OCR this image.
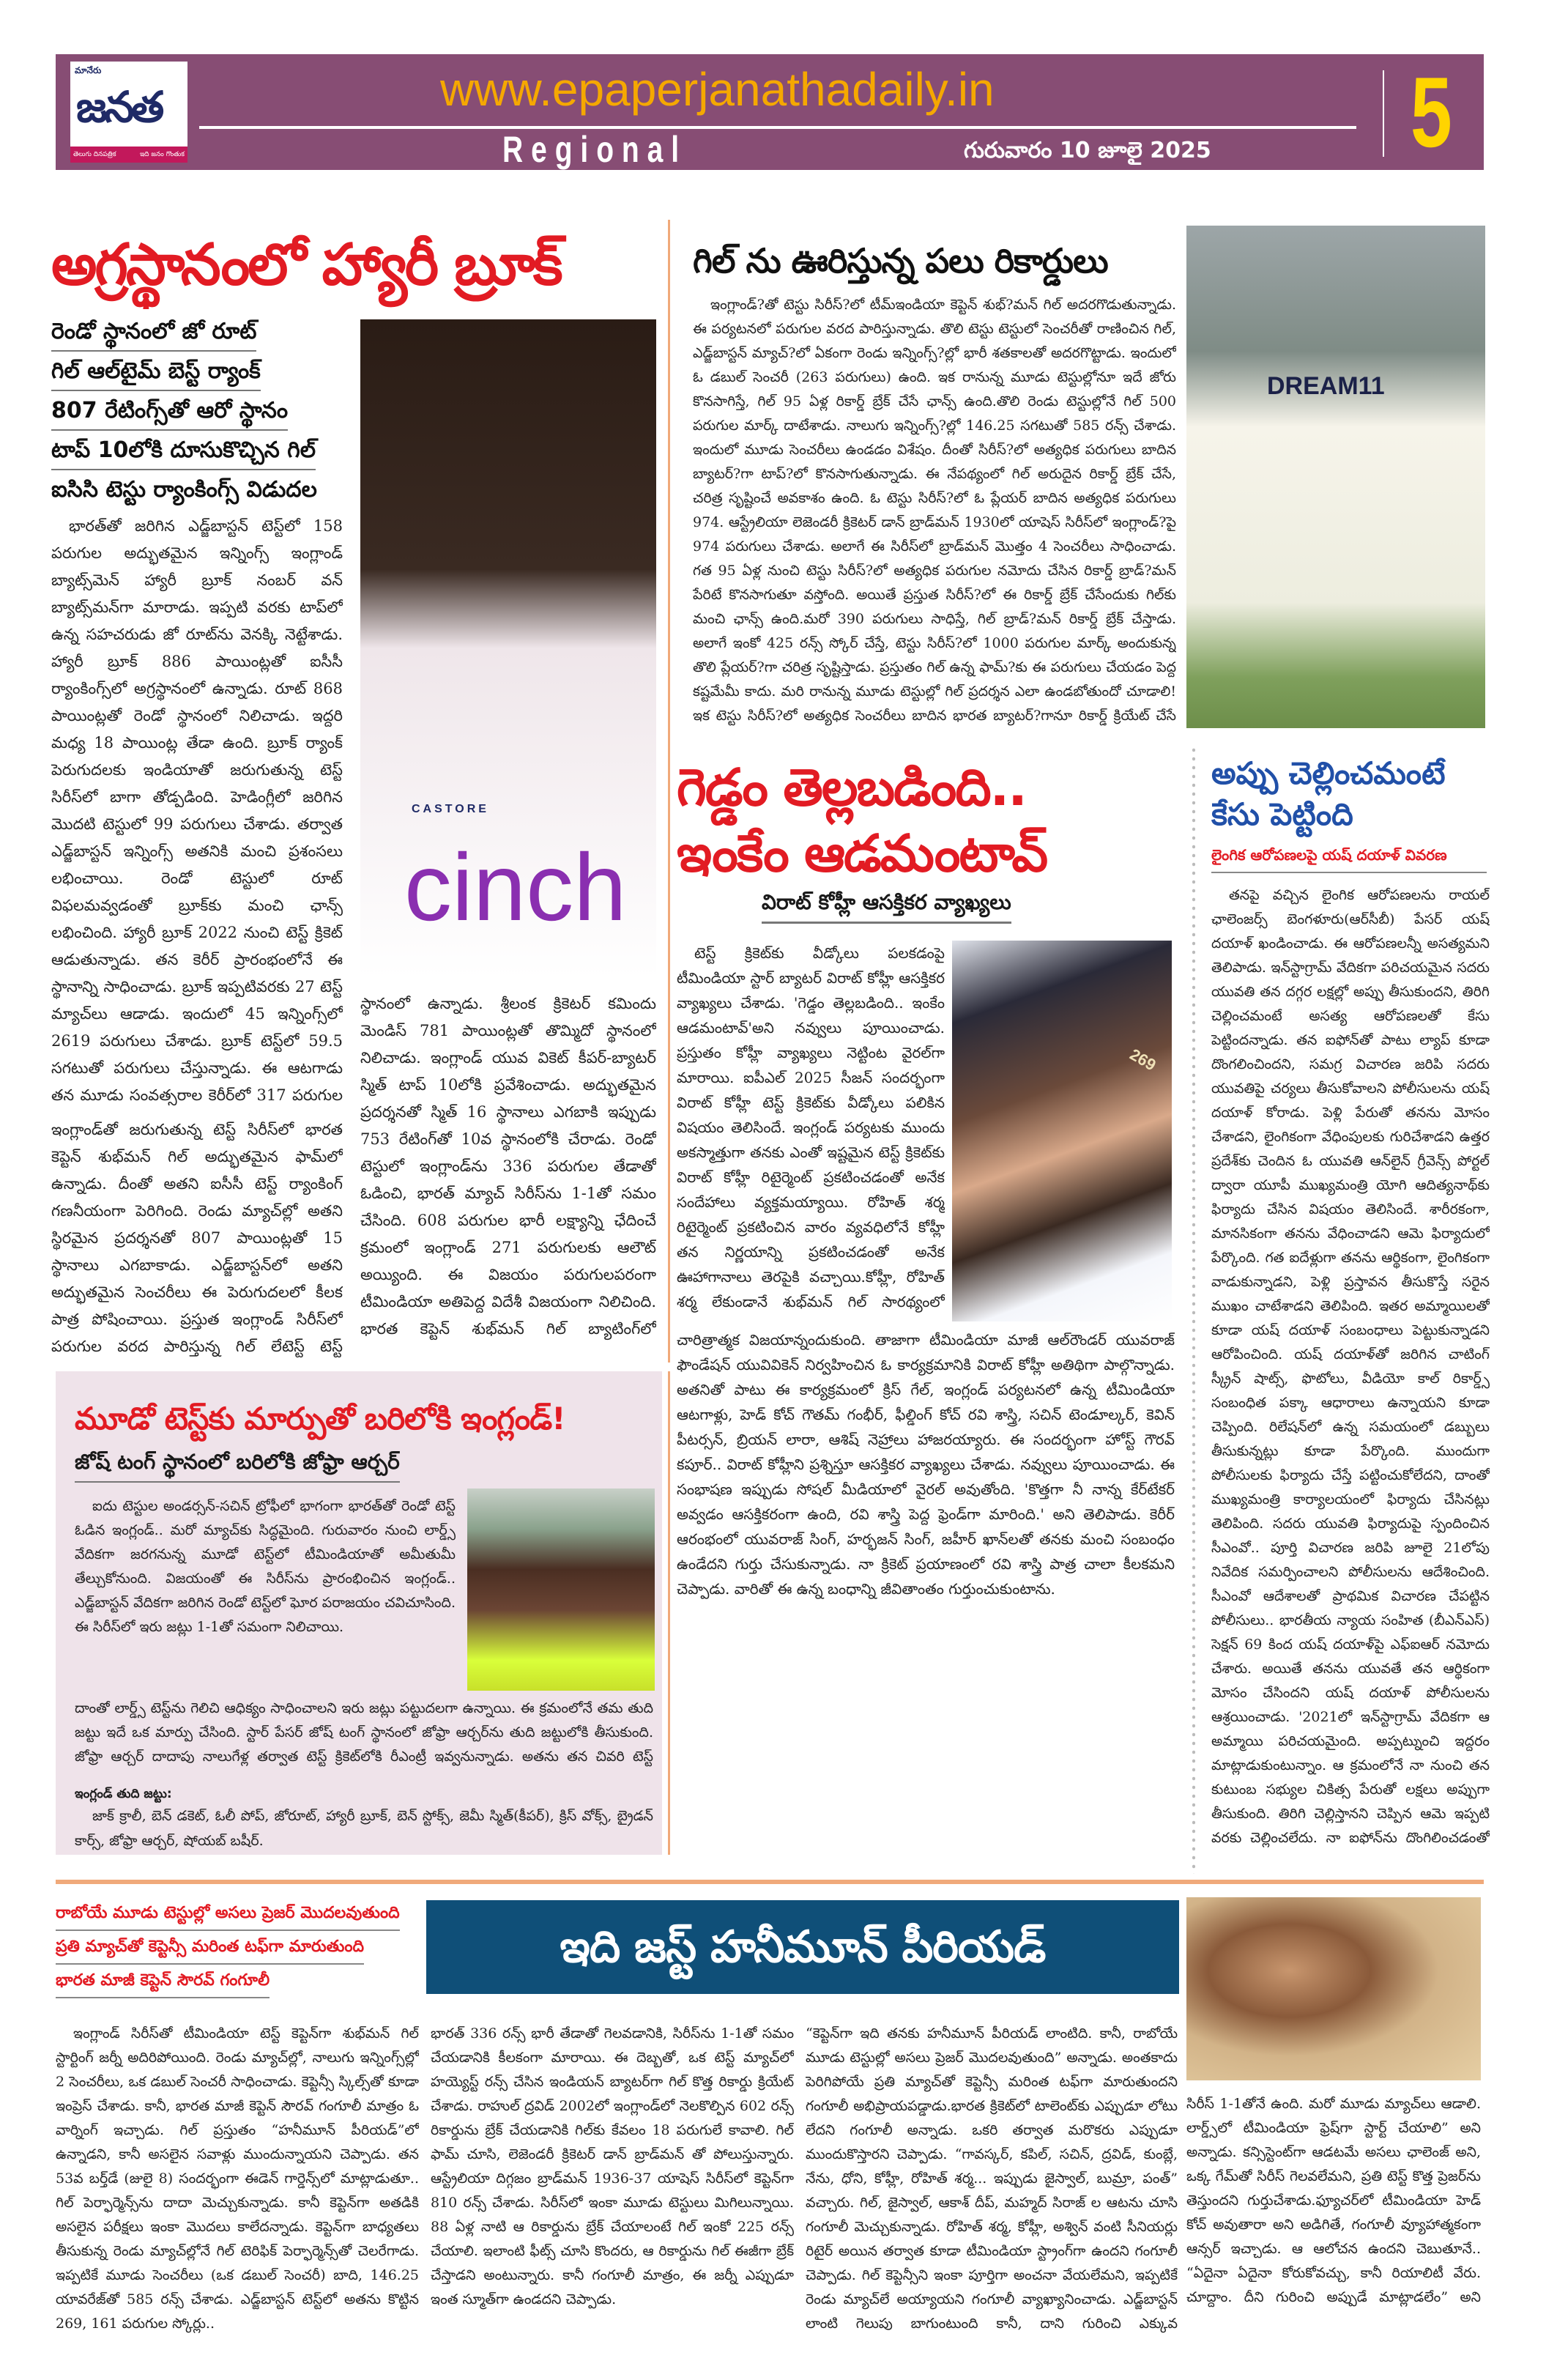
మానేరు
జనత
తెలుగు దినపత్రిక	ఇది జనం గొంతుక
www.epaperjanathadaily.in
Regional	గురువారం 10 జూలై 2025 5
అగ్రస్థానంలో హ్యారీ బ్రూక్
రెండో స్థానంలో జో రూట్
గిల్ ఆల్‌టైమ్ బెస్ట్ ర్యాంక్
807 రేటింగ్స్‌తో ఆరో స్థానం
టాప్ 10లోకి దూసుకొచ్చిన గిల్
ఐసిసి టెస్టు ర్యాంకింగ్స్ విడుదల

భారత్‌తో జరిగిన ఎడ్జ్‌బాస్టన్ టెస్ట్‌లో 158 పరుగుల అద్భుతమైన ఇన్నింగ్స్ ఇంగ్లాండ్ బ్యాట్స్‌మెన్ హ్యారీ బ్రూక్ నంబర్ వన్ బ్యాట్స్‌మన్‌గా మారాడు. ఇప్పటి వరకు టాప్‌లో ఉన్న సహచరుడు జో రూట్‌ను వెనక్కి నెట్టేశాడు. హ్యారీ బ్రూక్ 886 పాయింట్లతో ఐసీసీ ర్యాంకింగ్స్‌లో అగ్రస్థానంలో ఉన్నాడు. రూట్ 868 పాయింట్లతో రెండో స్థానంలో నిలిచాడు. ఇద్దరి మధ్య 18 పాయింట్ల తేడా ఉంది. బ్రూక్ ర్యాంక్ పెరుగుదలకు ఇండియాతో జరుగుతున్న టెస్ట్ సిరీస్‌లో బాగా తోడ్పడింది. హెడింగ్లీలో జరిగిన మొదటి టెస్టులో 99 పరుగులు చేశాడు. తర్వాత ఎడ్జ్‌బాస్టన్ ఇన్నింగ్స్ అతనికి మంచి ప్రశంసలు లభించాయి. రెండో టెస్టులో రూట్ విఫలమవ్వడంతో బ్రూక్‌కు మంచి ఛాన్స్ లభించింది. హ్యారీ బ్రూక్ 2022 నుంచి టెస్ట్ క్రికెట్ ఆడుతున్నాడు. తన కెరీర్ ప్రారంభంలోనే ఈ స్థానాన్ని సాధించాడు. బ్రూక్ ఇప్పటివరకు 27 టెస్ట్ మ్యాచ్‌లు ఆడాడు. ఇందులో 45 ఇన్నింగ్స్‌లో 2619 పరుగులు చేశాడు. బ్రూక్ టెస్ట్‌లో 59.5 సగటుతో పరుగులు చేస్తున్నాడు. ఈ ఆటగాడు తన మూడు సంవత్సరాల కెరీర్‌లో 317 పరుగుల

CASTORE
cinch

స్థానంలో ఉన్నాడు. శ్రీలంక క్రికెటర్ కమిందు మెండిస్ 781 పాయింట్లతో తొమ్మిదో స్థానంలో నిలిచాడు. ఇంగ్లాండ్ యువ వికెట్ కీపర్-బ్యాటర్ స్మిత్ టాప్ 10లోకి ప్రవేశించాడు. అద్భుతమైన ప్రదర్శనతో స్మిత్ 16 స్థానాలు ఎగబాకి ఇప్పుడు 753 రేటింగ్‌తో 10వ స్థానంలోకి చేరాడు. రెండో టెస్టులో ఇంగ్లాండ్‌ను 336 పరుగుల తేడాతో ఓడించి, భారత్ మ్యాచ్ సిరీస్‌ను 1-1తో సమం చేసింది. 608 పరుగుల భారీ లక్ష్యాన్ని ఛేదించే క్రమంలో ఇంగ్లాండ్ 271 పరుగులకు ఆలౌట్ అయ్యింది. ఈ విజయం పరుగులపరంగా టీమిండియా అతిపెద్ద విదేశీ విజయంగా నిలిచింది. భారత కెప్టెన్ శుభ్‌మన్ గిల్ బ్యాటింగ్‌లో

ఇంగ్లాండ్‌తో జరుగుతున్న టెస్ట్ సిరీస్‌లో భారత కెప్టెన్ శుభ్‌మన్ గిల్ అద్భుతమైన ఫామ్‌లో ఉన్నాడు. దీంతో అతని ఐసీసీ టెస్ట్ ర్యాంకింగ్ గణనీయంగా పెరిగింది. రెండు మ్యాచ్‌ల్లో అతని స్థిరమైన ప్రదర్శనతో 807 పాయింట్లతో 15 స్థానాలు ఎగబాకాడు. ఎడ్జ్‌బాస్టన్‌లో అతని అద్భుతమైన సెంచరీలు ఈ పెరుగుదలలో కీలక పాత్ర పోషించాయి. ప్రస్తుత ఇంగ్లాండ్ సిరీస్‌లో పరుగుల వరద పారిస్తున్న గిల్ లేటెస్ట్ టెస్ట్

గిల్ ను ఊరిస్తున్న పలు రికార్డులు

ఇంగ్లాండ్?తో టెస్టు సిరీస్?లో టీమ్ఇండియా కెప్టెన్ శుభ్?మన్ గిల్ అదరగొడుతున్నాడు. ఈ పర్యటనలో పరుగుల వరద పారిస్తున్నాడు. తొలి టెస్టు టెస్టులో సెంచరీతో రాణించిన గిల్, ఎడ్జ్‌బాస్టన్ మ్యాచ్?లో ఏకంగా రెండు ఇన్నింగ్స్?ల్లో భారీ శతకాలతో అదరగొట్టాడు. ఇందులో ఓ డబుల్ సెంచరీ (263 పరుగులు) ఉంది. ఇక రానున్న మూడు టెస్టుల్లోనూ ఇదే జోరు కొనసాగిస్తే, గిల్ 95 ఏళ్ల రికార్డ్ బ్రేక్ చేసే ఛాన్స్ ఉంది.తొలి రెండు టెస్టుల్లోనే గిల్ 500 పరుగుల మార్క్ దాటేశాడు. నాలుగు ఇన్నింగ్స్?ల్లో 146.25 సగటుతో 585 రన్స్ చేశాడు. ఇందులో మూడు సెంచరీలు ఉండడం విశేషం. దీంతో సిరీస్?లో అత్యధిక పరుగులు బాదిన బ్యాటర్?గా టాప్?లో కొనసాగుతున్నాడు. ఈ నేపథ్యంలో గిల్ అరుదైన రికార్డ్ బ్రేక్ చేసే, చరిత్ర సృష్టించే అవకాశం ఉంది. ఓ టెస్టు సిరీస్?లో ఓ ప్లేయర్ బాదిన అత్యధిక పరుగులు 974. ఆస్ట్రేలియా లెజెండరీ క్రికెటర్ డాన్ బ్రాడ్‌మన్ 1930లో యాషెస్ సిరీస్‌లో ఇంగ్లాండ్?పై 974 పరుగులు చేశాడు. అలాగే ఈ సిరీస్‌లో బ్రాడ్‌మన్ మొత్తం 4 సెంచరీలు సాధించాడు. గత 95 ఏళ్ల నుంచి టెస్టు సిరీస్?లో అత్యధిక పరుగుల నమోదు చేసిన రికార్డ్ బ్రాడ్?మన్ పేరిటే కొనసాగుతూ వస్తోంది. అయితే ప్రస్తుత సిరీస్?లో ఈ రికార్డ్ బ్రేక్ చేసేందుకు గిల్‌కు మంచి ఛాన్స్ ఉంది.మరో 390 పరుగులు సాధిస్తే, గిల్ బ్రాడ్?మన్ రికార్డ్ బ్రేక్ చేస్తాడు. అలాగే ఇంకో 425 రన్స్ స్కోర్ చేస్తే, టెస్టు సిరీస్?లో 1000 పరుగుల మార్క్ అందుకున్న తొలి ప్లేయర్?గా చరిత్ర సృష్టిస్తాడు. ప్రస్తుతం గిల్ ఉన్న ఫామ్?కు ఈ పరుగులు చేయడం పెద్ద కష్టమేమీ కాదు. మరి రానున్న మూడు టెస్టుల్లో గిల్ ప్రదర్శన ఎలా ఉండబోతుందో చూడాలి! ఇక టెస్టు సిరీస్?లో అత్యధిక సెంచరీలు బాదిన భారత బ్యాటర్?గానూ రికార్డ్ క్రియేట్ చేసే

DREAM11
గెడ్డం తెల్లబడింది..
ఇంకేం ఆడమంటావ్
విరాట్ కోహ్లీ ఆసక్తికర వ్యాఖ్యలు

టెస్ట్ క్రికెట్‌కు వీడ్కోలు పలకడంపై టీమిండియా స్టార్ బ్యాటర్ విరాట్ కోహ్లీ ఆసక్తికర వ్యాఖ్యలు చేశాడు. 'గెడ్డం తెల్లబడింది.. ఇంకేం ఆడమంటావ్'అని నవ్వులు పూయించాడు. ప్రస్తుతం కోహ్లీ వ్యాఖ్యలు నెట్టింట వైరల్‌గా మారాయి. ఐపీఎల్ 2025 సీజన్ సందర్భంగా విరాట్ కోహ్లీ టెస్ట్ క్రికెట్‌కు వీడ్కోలు పలికిన విషయం తెలిసిందే. ఇంగ్లండ్ పర్యటకు ముందు అకస్మాత్తుగా తనకు ఎంతో ఇష్టమైన టెస్ట్ క్రికెట్‌కు విరాట్ కోహ్లీ రిటైర్మెంట్ ప్రకటించడంతో అనేక సందేహాలు వ్యక్తమయ్యాయి. రోహిత్ శర్మ రిటైర్మెంట్ ప్రకటించిన వారం వ్యవధిలోనే కోహ్లీ తన నిర్ణయాన్ని ప్రకటించడంతో అనేక ఊహాగానాలు తెరపైకి వచ్చాయి.కోహ్లీ, రోహిత్ శర్మ లేకుండానే శుభ్‌మన్ గిల్ సారథ్యంలో

269

చారిత్రాత్మక విజయాన్నందుకుంది. తాజాగా టీమిండియా మాజీ ఆల్‌రౌండర్ యువరాజ్ ఫౌండేషన్ యువివికెన్ నిర్వహించిన ఓ కార్యక్రమానికి విరాట్ కోహ్లీ అతిథిగా పాల్గొన్నాడు. అతనితో పాటు ఈ కార్యక్రమంలో క్రిస్ గేల్, ఇంగ్లండ్ పర్యటనలో ఉన్న టీమిండియా ఆటగాళ్లు, హెడ్ కోచ్ గౌతమ్ గంభీర్, ఫీల్డింగ్ కోచ్ రవి శాస్త్రి, సచిన్ టెండూల్కర్, కెవిన్ పీటర్సన్, బ్రియన్ లారా, ఆశిష్ నెహ్రాలు హాజరయ్యారు. ఈ సందర్భంగా హోస్ట్ గౌరవ్ కపూర్.. విరాట్ కోహ్లీని ప్రశ్నిస్తూ ఆసక్తికర వ్యాఖ్యలు చేశాడు. నవ్వులు పూయించాడు. ఈ సంభాషణ ఇప్పుడు సోషల్ మీడియాలో వైరల్ అవుతోంది. 'కొత్తగా నీ నాన్న కేర్‌టేకర్ అవ్వడం ఆసక్తికరంగా ఉంది, రవి శాస్త్రి పెద్ద ఫ్రెండ్‌గా మారింది.' అని తెలిపాడు. కెరీర్ ఆరంభంలో యువరాజ్ సింగ్, హర్భజన్ సింగ్, జహీర్ ఖాన్‌లతో తనకు మంచి సంబంధం ఉండేదని గుర్తు చేసుకున్నాడు. నా క్రికెట్ ప్రయాణంలో రవి శాస్త్రి పాత్ర చాలా కీలకమని చెప్పాడు. వారితో ఈ ఉన్న బంధాన్ని జీవితాంతం గుర్తుంచుకుంటాను.

అప్పు చెల్లించమంటే కేసు పెట్టింది
లైంగిక ఆరోపణలపై యష్ దయాళ్ వివరణ

తనపై వచ్చిన లైంగిక ఆరోపణలను రాయల్ ఛాలెంజర్స్ బెంగళూరు(ఆర్‌సీబీ) పేసర్ యష్ దయాళ్ ఖండించాడు. ఈ ఆరోపణలన్నీ అసత్యమని తెలిపాడు. ఇన్‌స్టాగ్రామ్ వేదికగా పరిచయమైన సదరు యువతి తన దగ్గర లక్షల్లో అప్పు తీసుకుందని, తిరిగి చెల్లించమంటే అసత్య ఆరోపణలతో కేసు పెట్టిందన్నాడు. తన ఐఫోన్‌తో పాటు ల్యాప్ కూడా దొంగలించిందని, సమగ్ర విచారణ జరిపి సదరు యువతిపై చర్యలు తీసుకోవాలని పోలీసులను యష్ దయాళ్ కోరాడు. పెళ్లి పేరుతో తనను మోసం చేశాడని, లైంగికంగా వేధింపులకు గురిచేశాడని ఉత్తర ప్రదేశ్‌కు చెందిన ఓ యువతి ఆన్‌లైన్ గ్రీవెన్స్ పోర్టల్ ద్వారా యూపీ ముఖ్యమంత్రి యోగి ఆదిత్యనాథ్‌కు ఫిర్యాదు చేసిన విషయం తెలిసిందే. శారీరకంగా, మానసికంగా తనను వేధించాడని ఆమె ఫిర్యాదులో పేర్కొంది. గత ఐదేళ్లుగా తనను ఆర్థికంగా, లైంగికంగా వాడుకున్నాడని, పెళ్లి ప్రస్తావన తీసుకొస్తే సరైన ముఖం చాటేశాడని తెలిపింది. ఇతర అమ్మాయిలతో కూడా యష్ దయాళ్ సంబంధాలు పెట్టుకున్నాడని ఆరోపించింది. యష్ దయాళ్‌తో జరిగిన చాటింగ్ స్క్రీన్ షాట్స్, ఫొటోలు, వీడియో కాల్ రికార్డ్స్ సంబంధిత పక్కా ఆధారాలు ఉన్నాయని కూడా చెప్పింది. రిలేషన్‌లో ఉన్న సమయంలో డబ్బులు తీసుకున్నట్లు కూడా పేర్కొంది. ముందుగా పోలీసులకు ఫిర్యాదు చేస్తే పట్టించుకోలేదని, దాంతో ముఖ్యమంత్రి కార్యాలయంలో ఫిర్యాదు చేసినట్లు తెలిపింది. సదరు యువతి ఫిర్యాదుపై స్పందించిన సీఎంవో.. పూర్తి విచారణ జరిపి జూలై 21లోపు నివేదిక సమర్పించాలని పోలీసులను ఆదేశించింది. సీఎంవో ఆదేశాలతో ప్రాథమిక విచారణ చేపట్టిన పోలీసులు.. భారతీయ న్యాయ సంహిత (బీఎన్ఎస్) సెక్షన్ 69 కింద యష్ దయాళ్‌పై ఎఫ్ఐఆర్ నమోదు చేశారు. అయితే తనను యువతే తన ఆర్థికంగా మోసం చేసిందని యష్ దయాళ్ పోలీసులను ఆశ్రయించాడు. '2021లో ఇన్‌స్టాగ్రామ్ వేదికగా ఆ అమ్మాయి పరిచయమైంది. అప్పట్నుంచి ఇద్దరం మాట్లాడుకుంటున్నాం. ఆ క్రమంలోనే నా నుంచి తన కుటుంబ సభ్యుల చికిత్స పేరుతో లక్షలు అప్పుగా తీసుకుంది. తిరిగి చెల్లిస్తానని చెప్పిన ఆమె ఇప్పటి వరకు చెల్లించలేదు. నా ఐఫోన్‌ను దొంగిలించడంతో

మూడో టెస్ట్‌కు మార్పుతో బరిలోకి ఇంగ్లండ్!
జోష్ టంగ్ స్థానంలో బరిలోకి జోఫ్రా ఆర్చర్

ఐదు టెస్టుల అండర్సన్-సచిన్ ట్రోఫీలో భాగంగా భారత్‌తో రెండో టెస్ట్ ఓడిన ఇంగ్లండ్.. మరో మ్యాచ్‌కు సిద్ధమైంది. గురువారం నుంచి లార్డ్స్ వేదికగా జరగనున్న మూడో టెస్ట్‌లో టీమిండియాతో అమీతుమీ తేల్చుకోనుంది. విజయంతో ఈ సిరీస్‌ను ప్రారంభించిన ఇంగ్లండ్.. ఎడ్జ్‌బాస్టన్ వేదికగా జరిగిన రెండో టెస్ట్‌లో ఘోర పరాజయం చవిచూసింది. ఈ సిరీస్‌లో ఇరు జట్లు 1-1తో సమంగా నిలిచాయి.

దాంతో లార్డ్స్ టెస్ట్‌ను గెలిచి ఆధిక్యం సాధించాలని ఇరు జట్లు పట్టుదలగా ఉన్నాయి. ఈ క్రమంలోనే తమ తుది జట్టు ఇదే ఒక మార్పు చేసింది. స్టార్ పేసర్ జోష్ టంగ్ స్థానంలో జోఫ్రా ఆర్చర్‌ను తుది జట్టులోకి తీసుకుంది. జోఫ్రా ఆర్చర్ దాదాపు నాలుగేళ్ల తర్వాత టెస్ట్ క్రికెట్‌లోకి రీఎంట్రీ ఇవ్వనున్నాడు. అతను తన చివరి టెస్ట్

ఇంగ్లండ్ తుది జట్టు:

జాక్ క్రాలీ, బెన్ డకెట్, ఓలీ పోప్, జోరూట్, హ్యారీ బ్రూక్, బెన్ స్టోక్స్, జెమీ స్మిత్(కీపర్), క్రిస్ వోక్స్, బ్రైడన్ కార్స్, జోఫ్రా ఆర్చర్, షోయబ్ బషీర్.

రాబోయే మూడు టెస్టుల్లో అసలు ప్రెజర్ మొదలవుతుంది
ప్రతి మ్యాచ్‌తో కెప్టెన్సీ మరింత టఫ్‌గా మారుతుంది
భారత మాజీ కెప్టెన్ సౌరవ్ గంగూలీ
ఇది జస్ట్ హనీమూన్ పీరియడ్

ఇంగ్లాండ్ సిరీస్‌తో టీమిండియా టెస్ట్ కెప్టెన్‌గా శుభ్‌మన్ గిల్ స్టార్టింగ్ జర్నీ అదిరిపోయింది. రెండు మ్యాచ్‌ల్లో, నాలుగు ఇన్నింగ్స్‌ల్లో 2 సెంచరీలు, ఒక డబుల్ సెంచరీ సాధించాడు. కెప్టెన్సీ స్కిల్స్‌తో కూడా ఇంప్రెస్ చేశాడు. కానీ, భారత మాజీ కెప్టెన్ సౌరవ్ గంగూలీ మాత్రం ఓ వార్నింగ్ ఇచ్చాడు. గిల్ ప్రస్తుతం “హనీమూన్ పీరియడ్”లో ఉన్నాడని, కానీ అసలైన సవాళ్లు ముందున్నాయని చెప్పాడు. తన 53వ బర్త్‌డే (జులై 8) సందర్భంగా ఈడెన్ గార్డెన్స్‌లో మాట్లాడుతూ.. గిల్ పెర్ఫార్మెన్స్‌ను దాదా మెచ్చుకున్నాడు. కానీ కెప్టెన్‌గా అతడికి అసలైన పరీక్షలు ఇంకా మొదలు కాలేదన్నాడు. కెప్టెన్‌గా బాధ్యతలు తీసుకున్న రెండు మ్యాచ్‌ల్లోనే గిల్ టెరిఫిక్ పెర్ఫార్మెన్స్‌తో చెలరేగాడు. ఇప్పటికే మూడు సెంచరీలు (ఒక డబుల్ సెంచరీ) బాది, 146.25 యావరేజ్‌తో 585 రన్స్ చేశాడు. ఎడ్జ్‌బాస్టన్ టెస్ట్‌లో అతను కొట్టిన 269, 161 పరుగుల స్కోర్లు..

భారత్ 336 రన్స్ భారీ తేడాతో గెలవడానికి, సిరీస్‌ను 1-1తో సమం చేయడానికి కీలకంగా మారాయి. ఈ దెబ్బతో, ఒక టెస్ట్ మ్యాచ్‌లో హయ్యెస్ట్ రన్స్ చేసిన ఇండియన్ బ్యాటర్‌గా గిల్ కొత్త రికార్డు క్రియేట్ చేశాడు. రాహుల్ ద్రవిడ్ 2002లో ఇంగ్లాండ్‌లో నెలకొల్పిన 602 రన్స్ రికార్డును బ్రేక్ చేయడానికి గిల్‌కు కేవలం 18 పరుగులే కావాలి. గిల్ ఫామ్ చూసి, లెజెండరీ క్రికెటర్ డాన్ బ్రాడ్‌మన్ తో పోలుస్తున్నారు. ఆస్ట్రేలియా దిగ్గజం బ్రాడ్‌మన్ 1936-37 యాషెస్ సిరీస్‌లో కెప్టెన్‌గా 810 రన్స్ చేశాడు. సిరీస్‌లో ఇంకా మూడు టెస్టులు మిగిలున్నాయి. 88 ఏళ్ల నాటి ఆ రికార్డును బ్రేక్ చేయాలంటే గిల్ ఇంకో 225 రన్స్ చేయాలి. ఇలాంటి ఫీట్స్ చూసి కొందరు, ఆ రికార్డును గిల్ ఈజీగా బ్రేక్ చేస్తాడని అంటున్నారు. కానీ గంగూలీ మాత్రం, ఈ జర్నీ ఎప్పుడూ ఇంత స్మూత్‌గా ఉండదని చెప్పాడు.

“కెప్టెన్‌గా ఇది తనకు హనీమూన్ పీరియడ్ లాంటిది. కానీ, రాబోయే మూడు టెస్టుల్లో అసలు ప్రెజర్ మొదలవుతుంది” అన్నాడు. అంతకాదు పెరిగిపోయే ప్రతి మ్యాచ్‌తో కెప్టెన్సీ మరింత టఫ్‌గా మారుతుందని గంగూలీ అభిప్రాయపడ్డాడు.భారత క్రికెట్‌లో టాలెంట్‌కు ఎప్పుడూ లోటు లేదని గంగూలీ అన్నాడు. ఒకరి తర్వాత మరొకరు ఎప్పుడూ ముందుకొస్తారని చెప్పాడు. “గావస్కర్, కపిల్, సచిన్, ద్రవిడ్, కుంబ్లే, నేను, ధోని, కోహ్లీ, రోహిత్ శర్మ... ఇప్పుడు జైస్వాల్, బుమ్రా, పంత్” వచ్చారు. గిల్, జైస్వాల్, ఆకాశ్ దీప్, మహ్మద్ సిరాజ్ ల ఆటను చూసి గంగూలీ మెచ్చుకున్నాడు. రోహిత్ శర్మ, కోహ్లీ, అశ్విన్ వంటి సీనియర్లు రిటైర్ అయిన తర్వాత కూడా టీమిండియా స్ట్రాంగ్‌గా ఉందని గంగూలీ చెప్పాడు. గిల్ కెప్టెన్సీని ఇంకా పూర్తిగా అంచనా వేయలేమని, ఇప్పటికే రెండు మ్యాచ్‌లే అయ్యాయని గంగూలీ వ్యాఖ్యానించాడు. ఎడ్జ్‌బాస్టన్ లాంటి గెలుపు బాగుంటుంది కానీ, దాని గురించి ఎక్కువ

సిరీస్ 1-1తోనే ఉంది. మరో మూడు మ్యాచ్‌లు ఆడాలి. లార్డ్స్‌లో టీమిండియా ఫ్రెష్‌గా స్టార్ట్ చేయాలి” అని అన్నాడు. కన్సిస్టెంట్‌గా ఆడటమే అసలు ఛాలెంజ్ అని, ఒక్క గేమ్‌తో సిరీస్ గెలవలేమని, ప్రతి టెస్ట్ కొత్త ప్రెజర్‌ను తెస్తుందని గుర్తుచేశాడు.ఫ్యూచర్‌లో టీమిండియా హెడ్ కోచ్ అవుతారా అని అడిగితే, గంగూలీ వ్యూహాత్మకంగా ఆన్సర్ ఇచ్చాడు. ఆ ఆలోచన ఉందని చెబుతూనే.. “ఏదైనా ఏదైనా కోరుకోవచ్చు, కానీ రియాలిటీ వేరు. చూద్దాం. దీని గురించి అప్పుడే మాట్లాడలేం” అని
